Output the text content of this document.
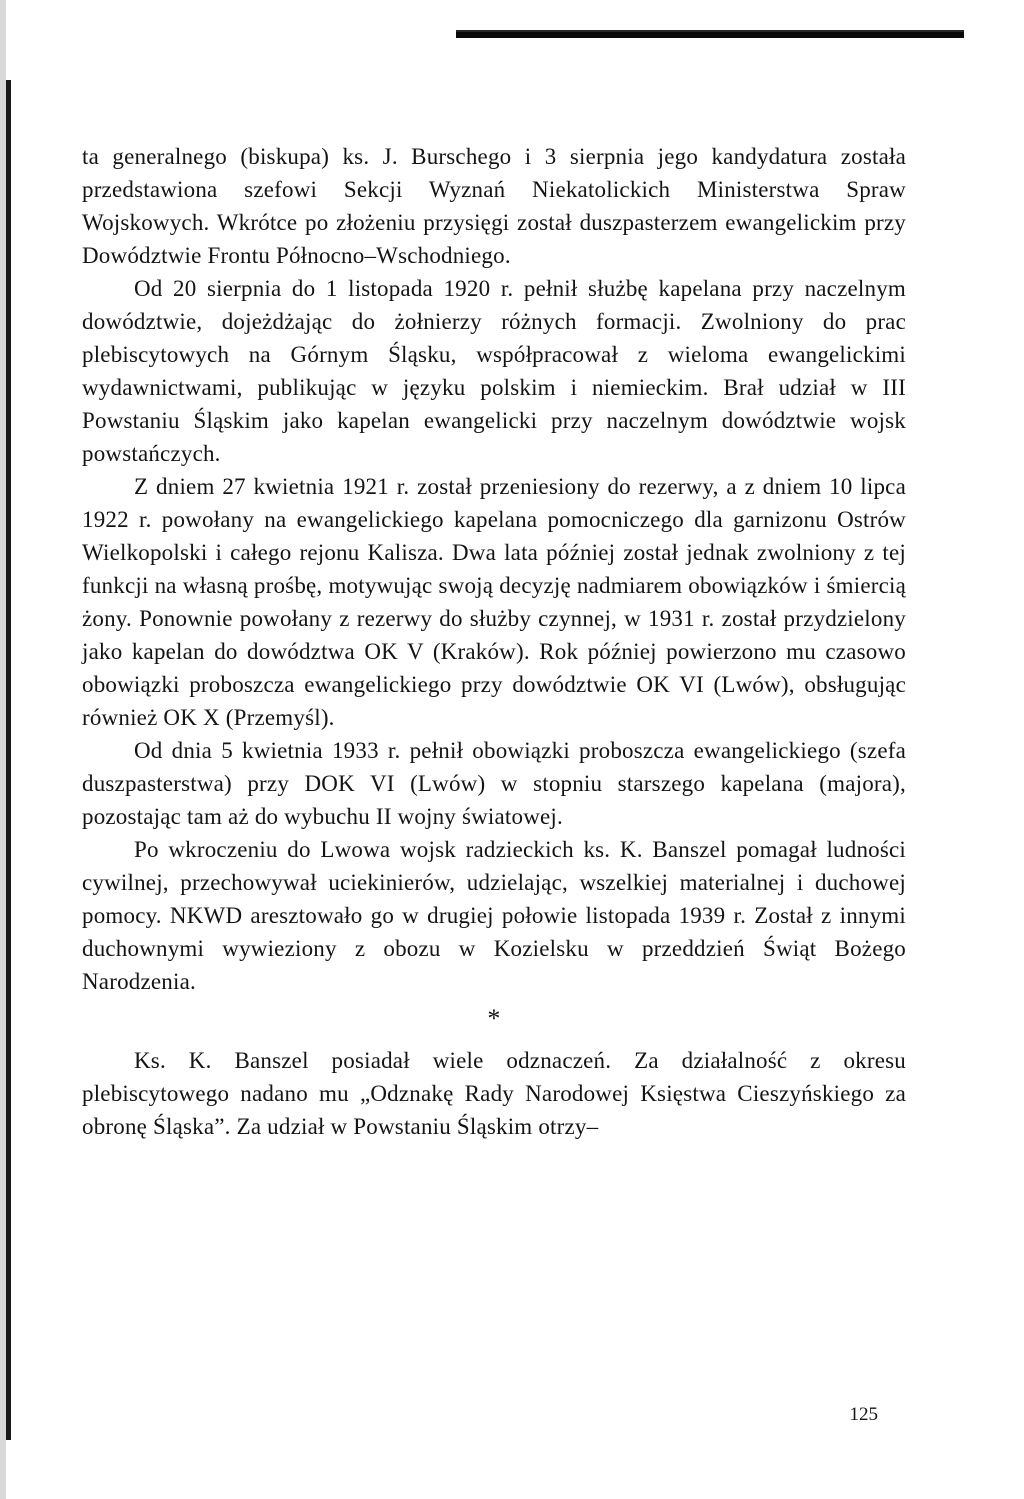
ta generalnego (biskupa) ks. J. Burschego i 3 sierpnia jego kandydatura została przedstawiona szefowi Sekcji Wyznań Niekatolickich Ministerstwa Spraw Wojskowych. Wkrótce po złożeniu przysięgi został duszpasterzem ewangelickim przy Dowództwie Frontu Północno–Wschodniego.

Od 20 sierpnia do 1 listopada 1920 r. pełnił służbę kapelana przy naczelnym dowództwie, dojeżdżając do żołnierzy różnych formacji. Zwolniony do prac plebiscytowych na Górnym Śląsku, współpracował z wieloma ewangelickimi wydawnictwami, publikując w języku polskim i niemieckim. Brał udział w III Powstaniu Śląskim jako kapelan ewangelicki przy naczelnym dowództwie wojsk powstańczych.

Z dniem 27 kwietnia 1921 r. został przeniesiony do rezerwy, a z dniem 10 lipca 1922 r. powołany na ewangelickiego kapelana pomocniczego dla garnizonu Ostrów Wielkopolski i całego rejonu Kalisza. Dwa lata później został jednak zwolniony z tej funkcji na własną prośbę, motywując swoją decyzję nadmiarem obowiązków i śmiercią żony. Ponownie powołany z rezerwy do służby czynnej, w 1931 r. został przydzielony jako kapelan do dowództwa OK V (Kraków). Rok później powierzono mu czasowo obowiązki proboszcza ewangelickiego przy dowództwie OK VI (Lwów), obsługując również OK X (Przemyśl).

Od dnia 5 kwietnia 1933 r. pełnił obowiązki proboszcza ewangelickiego (szefa duszpasterstwa) przy DOK VI (Lwów) w stopniu starszego kapelana (majora), pozostając tam aż do wybuchu II wojny światowej.

Po wkroczeniu do Lwowa wojsk radzieckich ks. K. Banszel pomagał ludności cywilnej, przechowywał uciekinierów, udzielając, wszelkiej materialnej i duchowej pomocy. NKWD aresztowało go w drugiej połowie listopada 1939 r. Został z innymi duchownymi wywieziony z obozu w Kozielsku w przeddzień Świąt Bożego Narodzenia.

*

Ks. K. Banszel posiadał wiele odznaczeń. Za działalność z okresu plebiscytowego nadano mu „Odznakę Rady Narodowej Księstwa Cieszyńskiego za obronę Śląska”. Za udział w Powstaniu Śląskim otrzy–

125
